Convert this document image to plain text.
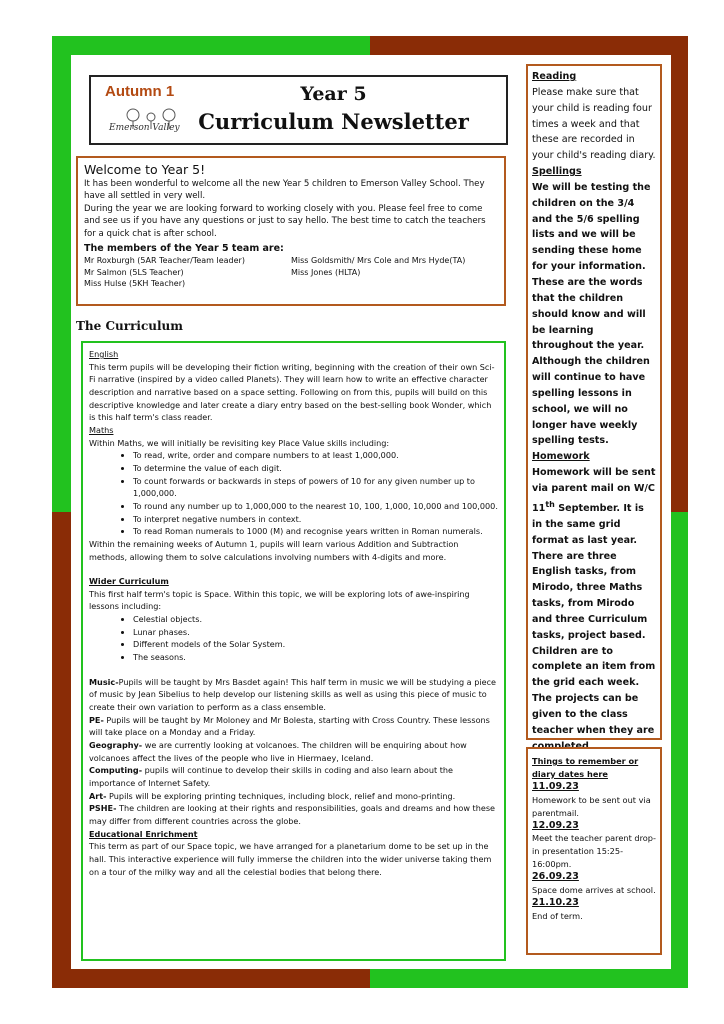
Autumn 1
Emerson Valley
Year 5
Curriculum Newsletter
Welcome to Year 5!

It has been wonderful to welcome all the new Year 5 children to Emerson Valley School. They have all settled in very well.

During the year we are looking forward to working closely with you. Please feel free to come and see us if you have any questions or just to say hello. The best time to catch the teachers for a quick chat is after school.

The members of the Year 5 team are:
Mr Roxburgh (5AR Teacher/Team leader)
Mr Salmon (5LS Teacher)
Miss Hulse (5KH Teacher)
Miss Goldsmith/ Mrs Cole and Mrs Hyde(TA)
Miss Jones (HLTA)
The Curriculum

English

This term pupils will be developing their fiction writing, beginning with the creation of their own Sci-Fi narrative (inspired by a video called Planets). They will learn how to write an effective character description and narrative based on a space setting. Following on from this, pupils will build on this descriptive knowledge and later create a diary entry based on the best-selling book Wonder, which is this half term's class reader.

Maths

Within Maths, we will initially be revisiting key Place Value skills including:

• To read, write, order and compare numbers to at least 1,000,000.
• To determine the value of each digit.
• To count forwards or backwards in steps of powers of 10 for any given number up to 1,000,000.
• To round any number up to 1,000,000 to the nearest 10, 100, 1,000, 10,000 and 100,000.
• To interpret negative numbers in context.
• To read Roman numerals to 1000 (M) and recognise years written in Roman numerals.

Within the remaining weeks of Autumn 1, pupils will learn various Addition and Subtraction methods, allowing them to solve calculations involving numbers with 4-digits and more.

Wider Curriculum

This first half term's topic is Space. Within this topic, we will be exploring lots of awe-inspiring lessons including:

• Celestial objects.
• Lunar phases.
• Different models of the Solar System.
• The seasons.

Music-Pupils will be taught by Mrs Basdet again! This half term in music we will be studying a piece of music by Jean Sibelius to help develop our listening skills as well as using this piece of music to create their own variation to perform as a class ensemble.

PE- Pupils will be taught by Mr Moloney and Mr Bolesta, starting with Cross Country. These lessons will take place on a Monday and a Friday.

Geography- we are currently looking at volcanoes. The children will be enquiring about how volcanoes affect the lives of the people who live in Hiermaey, Iceland.

Computing- pupils will continue to develop their skills in coding and also learn about the importance of Internet Safety.

Art- Pupils will be exploring printing techniques, including block, relief and mono-printing.

PSHE- The children are looking at their rights and responsibilities, goals and dreams and how these may differ from different countries across the globe.

Educational Enrichment

This term as part of our Space topic, we have arranged for a planetarium dome to be set up in the hall. This interactive experience will fully immerse the children into the wider universe taking them on a tour of the milky way and all the celestial bodies that belong there.

Reading

Please make sure that your child is reading four times a week and that these are recorded in your child's reading diary.

Spellings

We will be testing the children on the 3/4 and the 5/6 spelling lists and we will be sending these home for your information. These are the words that the children should know and will be learning throughout the year. Although the children will continue to have spelling lessons in school, we will no longer have weekly spelling tests.

Homework

Homework will be sent via parent mail on W/C 11th September. It is in the same grid format as last year. There are three English tasks, from Mirodo, three Maths tasks, from Mirodo and three Curriculum tasks, project based. Children are to complete an item from the grid each week. The projects can be given to the class teacher when they are

Things to remember or diary dates here

11.09.23

Homework to be sent out via parentmail.

12.09.23

Meet the teacher parent drop-in presentation 15:25-16:00pm.

26.09.23

Space dome arrives at school.

21.10.23

End of term.
